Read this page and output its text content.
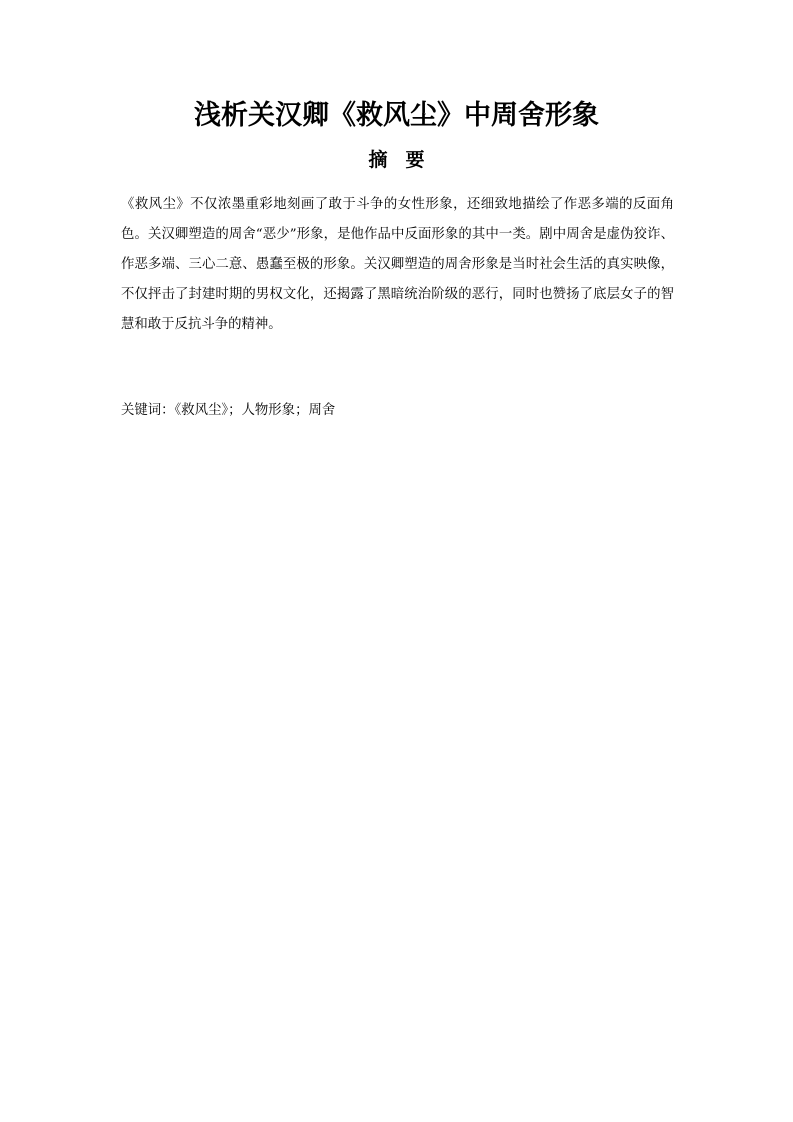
浅析关汉卿《救风尘》中周舍形象
摘要

《救风尘》不仅浓墨重彩地刻画了敢于斗争的女性形象，还细致地描绘了作恶多端的反面角色。关汉卿塑造的周舍“恶少”形象，是他作品中反面形象的其中一类。剧中周舍是虚伪狡诈、作恶多端、三心二意、愚蠢至极的形象。关汉卿塑造的周舍形象是当时社会生活的真实映像，不仅抨击了封建时期的男权文化，还揭露了黑暗统治阶级的恶行，同时也赞扬了底层女子的智慧和敢于反抗斗争的精神。

关键词：《救风尘》；人物形象；周舍
